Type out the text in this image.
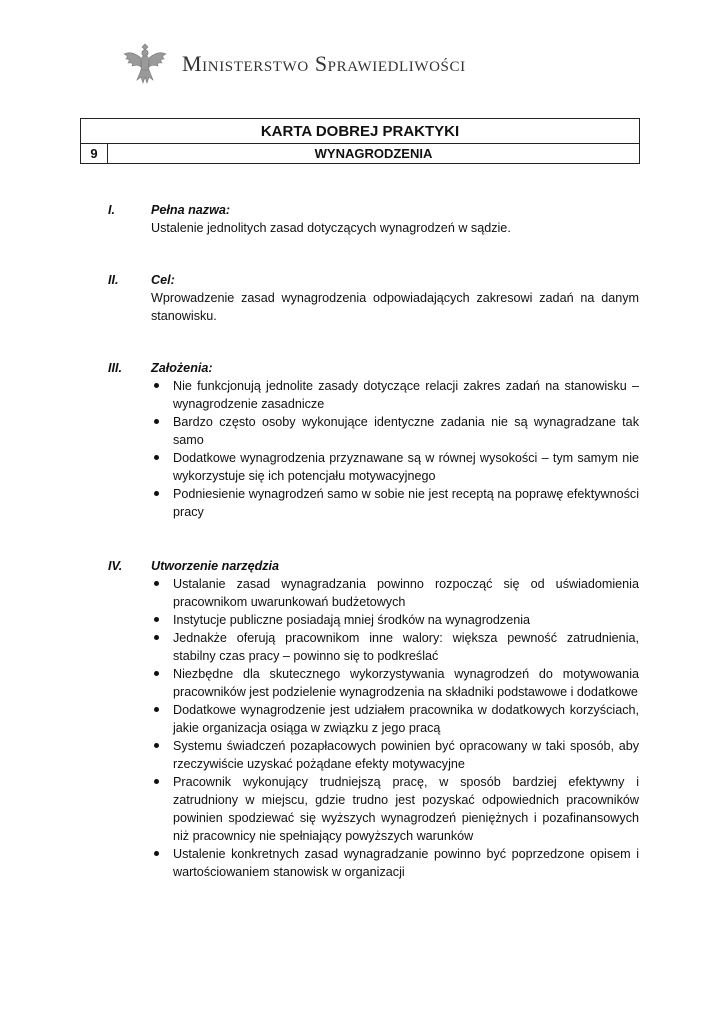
Ministerstwo Sprawiedliwości
KARTA DOBREJ PRAKTYKI
9	WYNAGRODZENIA
I.	Pełna nazwa:
Ustalenie jednolitych zasad dotyczących wynagrodzeń w sądzie.
II.	Cel:
Wprowadzenie zasad wynagrodzenia odpowiadających zakresowi zadań na danym stanowisku.
III. Założenia:
Nie funkcjonują jednolite zasady dotyczące relacji zakres zadań na stanowisku – wynagrodzenie zasadnicze
Bardzo często osoby wykonujące identyczne zadania nie są wynagradzane tak samo
Dodatkowe wynagrodzenia przyznawane są w równej wysokości – tym samym nie wykorzystuje się ich potencjału motywacyjnego
Podniesienie wynagrodzeń samo w sobie nie jest receptą na poprawę efektywności pracy
IV. Utworzenie narzędzia
Ustalanie zasad wynagradzania powinno rozpocząć się od uświadomienia pracownikom uwarunkowań budżetowych
Instytucje publiczne posiadają mniej środków na wynagrodzenia
Jednakże oferują pracownikom inne walory: większa pewność zatrudnienia, stabilny czas pracy – powinno się to podkreślać
Niezbędne dla skutecznego wykorzystywania wynagrodzeń do motywowania pracowników jest podzielenie wynagrodzenia na składniki podstawowe i dodatkowe
Dodatkowe wynagrodzenie jest udziałem pracownika w dodatkowych korzyściach, jakie organizacja osiąga w związku z jego pracą
Systemu świadczeń pozapłacowych powinien być opracowany w taki sposób, aby rzeczywiście uzyskać pożądane efekty motywacyjne
Pracownik wykonujący trudniejszą pracę, w sposób bardziej efektywny i zatrudniony w miejscu, gdzie trudno jest pozyskać odpowiednich pracowników powinien spodziewać się wyższych wynagrodzeń pieniężnych i pozafinansowych niż pracownicy nie spełniający powyższych warunków
Ustalenie konkretnych zasad wynagradzanie powinno być poprzedzone opisem i wartościowaniem stanowisk w organizacji
